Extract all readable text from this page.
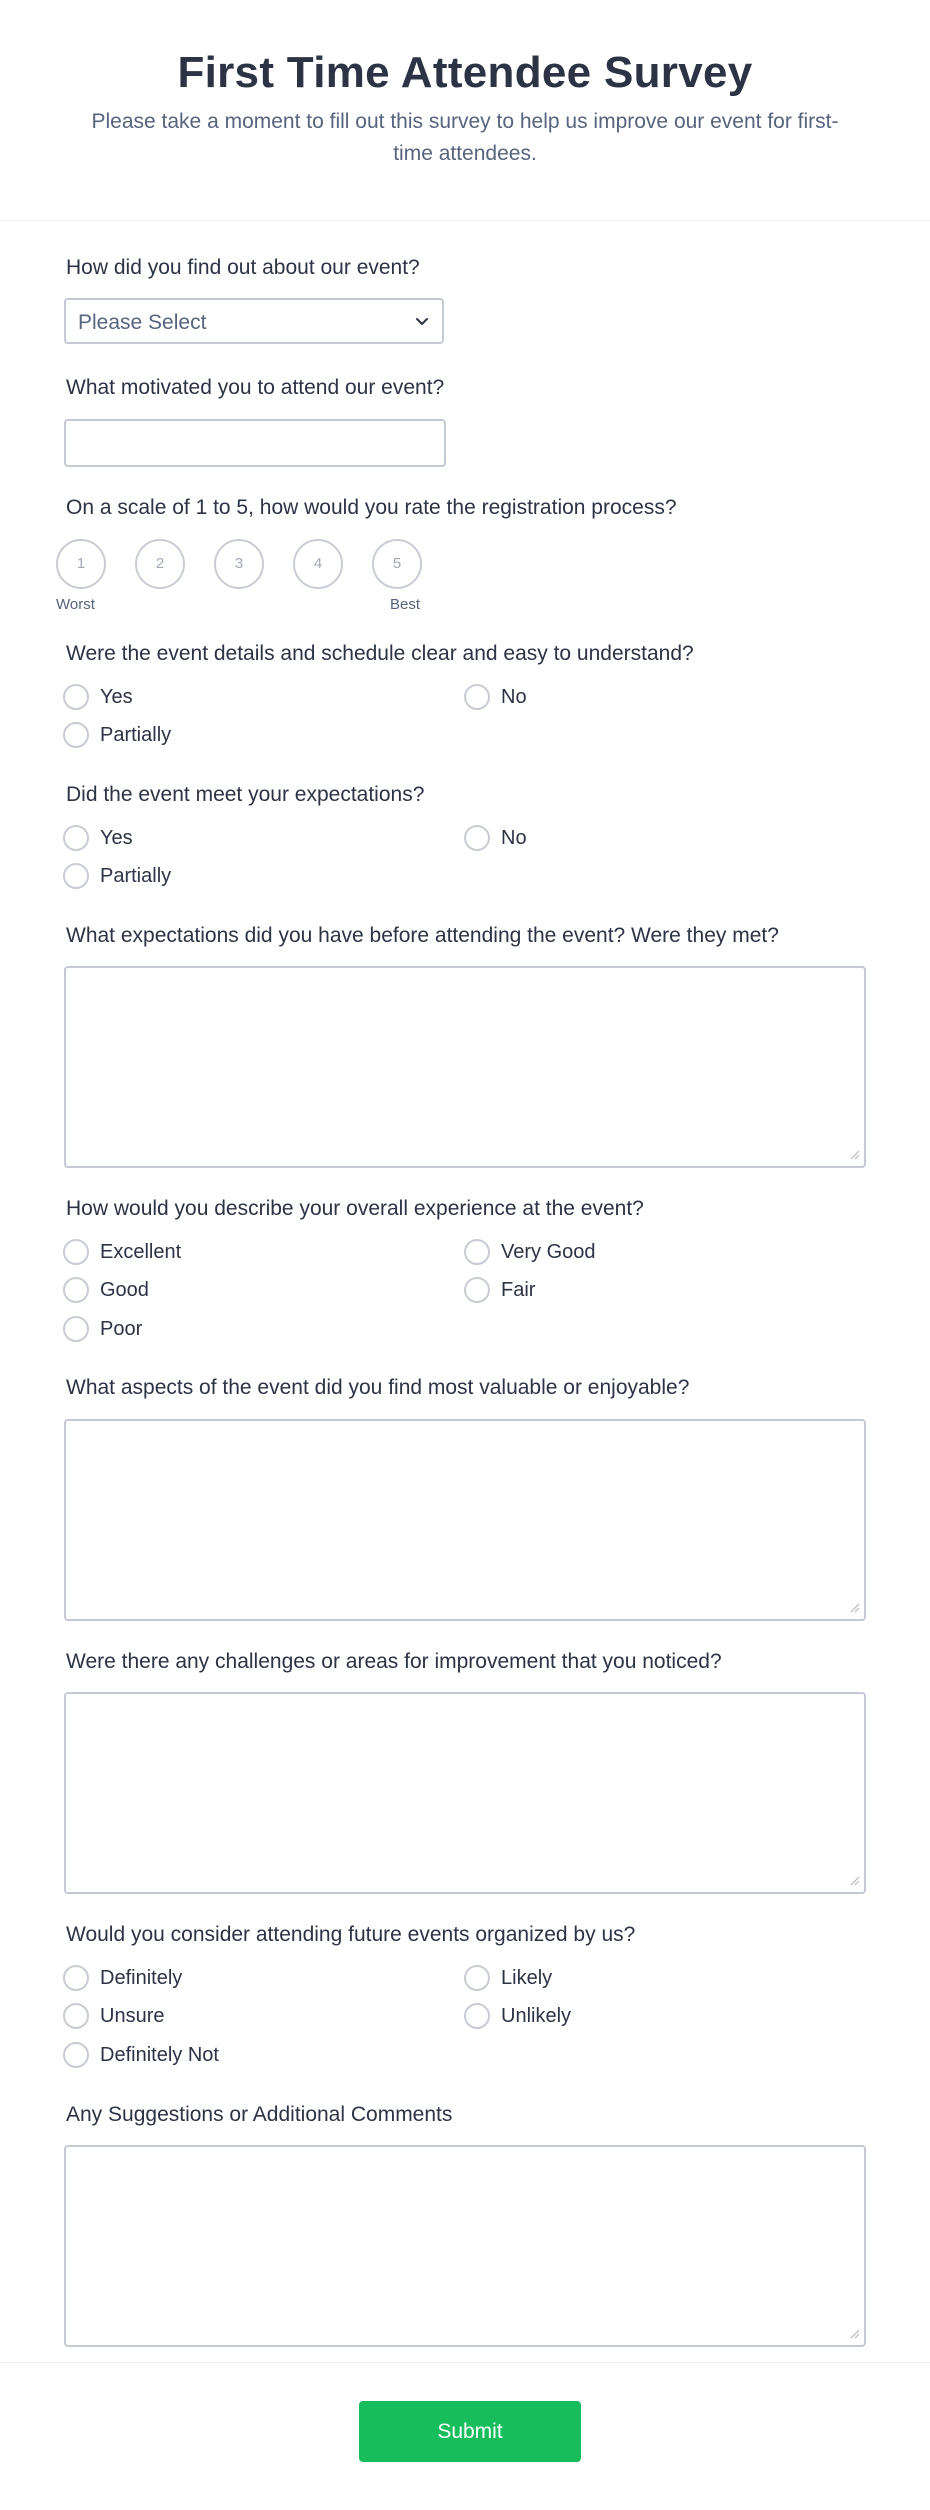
First Time Attendee Survey
Please take a moment to fill out this survey to help us improve our event for first-time attendees.
How did you find out about our event?
Please Select
What motivated you to attend our event?
On a scale of 1 to 5, how would you rate the registration process?
1	2	3	4	5
Worst	Best
Were the event details and schedule clear and easy to understand?
Yes	No
Partially
Did the event meet your expectations?
Yes	No
Partially
What expectations did you have before attending the event? Were they met?
How would you describe your overall experience at the event?
Excellent	Very Good
Good	Fair
Poor
What aspects of the event did you find most valuable or enjoyable?
Were there any challenges or areas for improvement that you noticed?
Would you consider attending future events organized by us?
Definitely	Likely
Unsure	Unlikely
Definitely Not
Any Suggestions or Additional Comments
Submit
